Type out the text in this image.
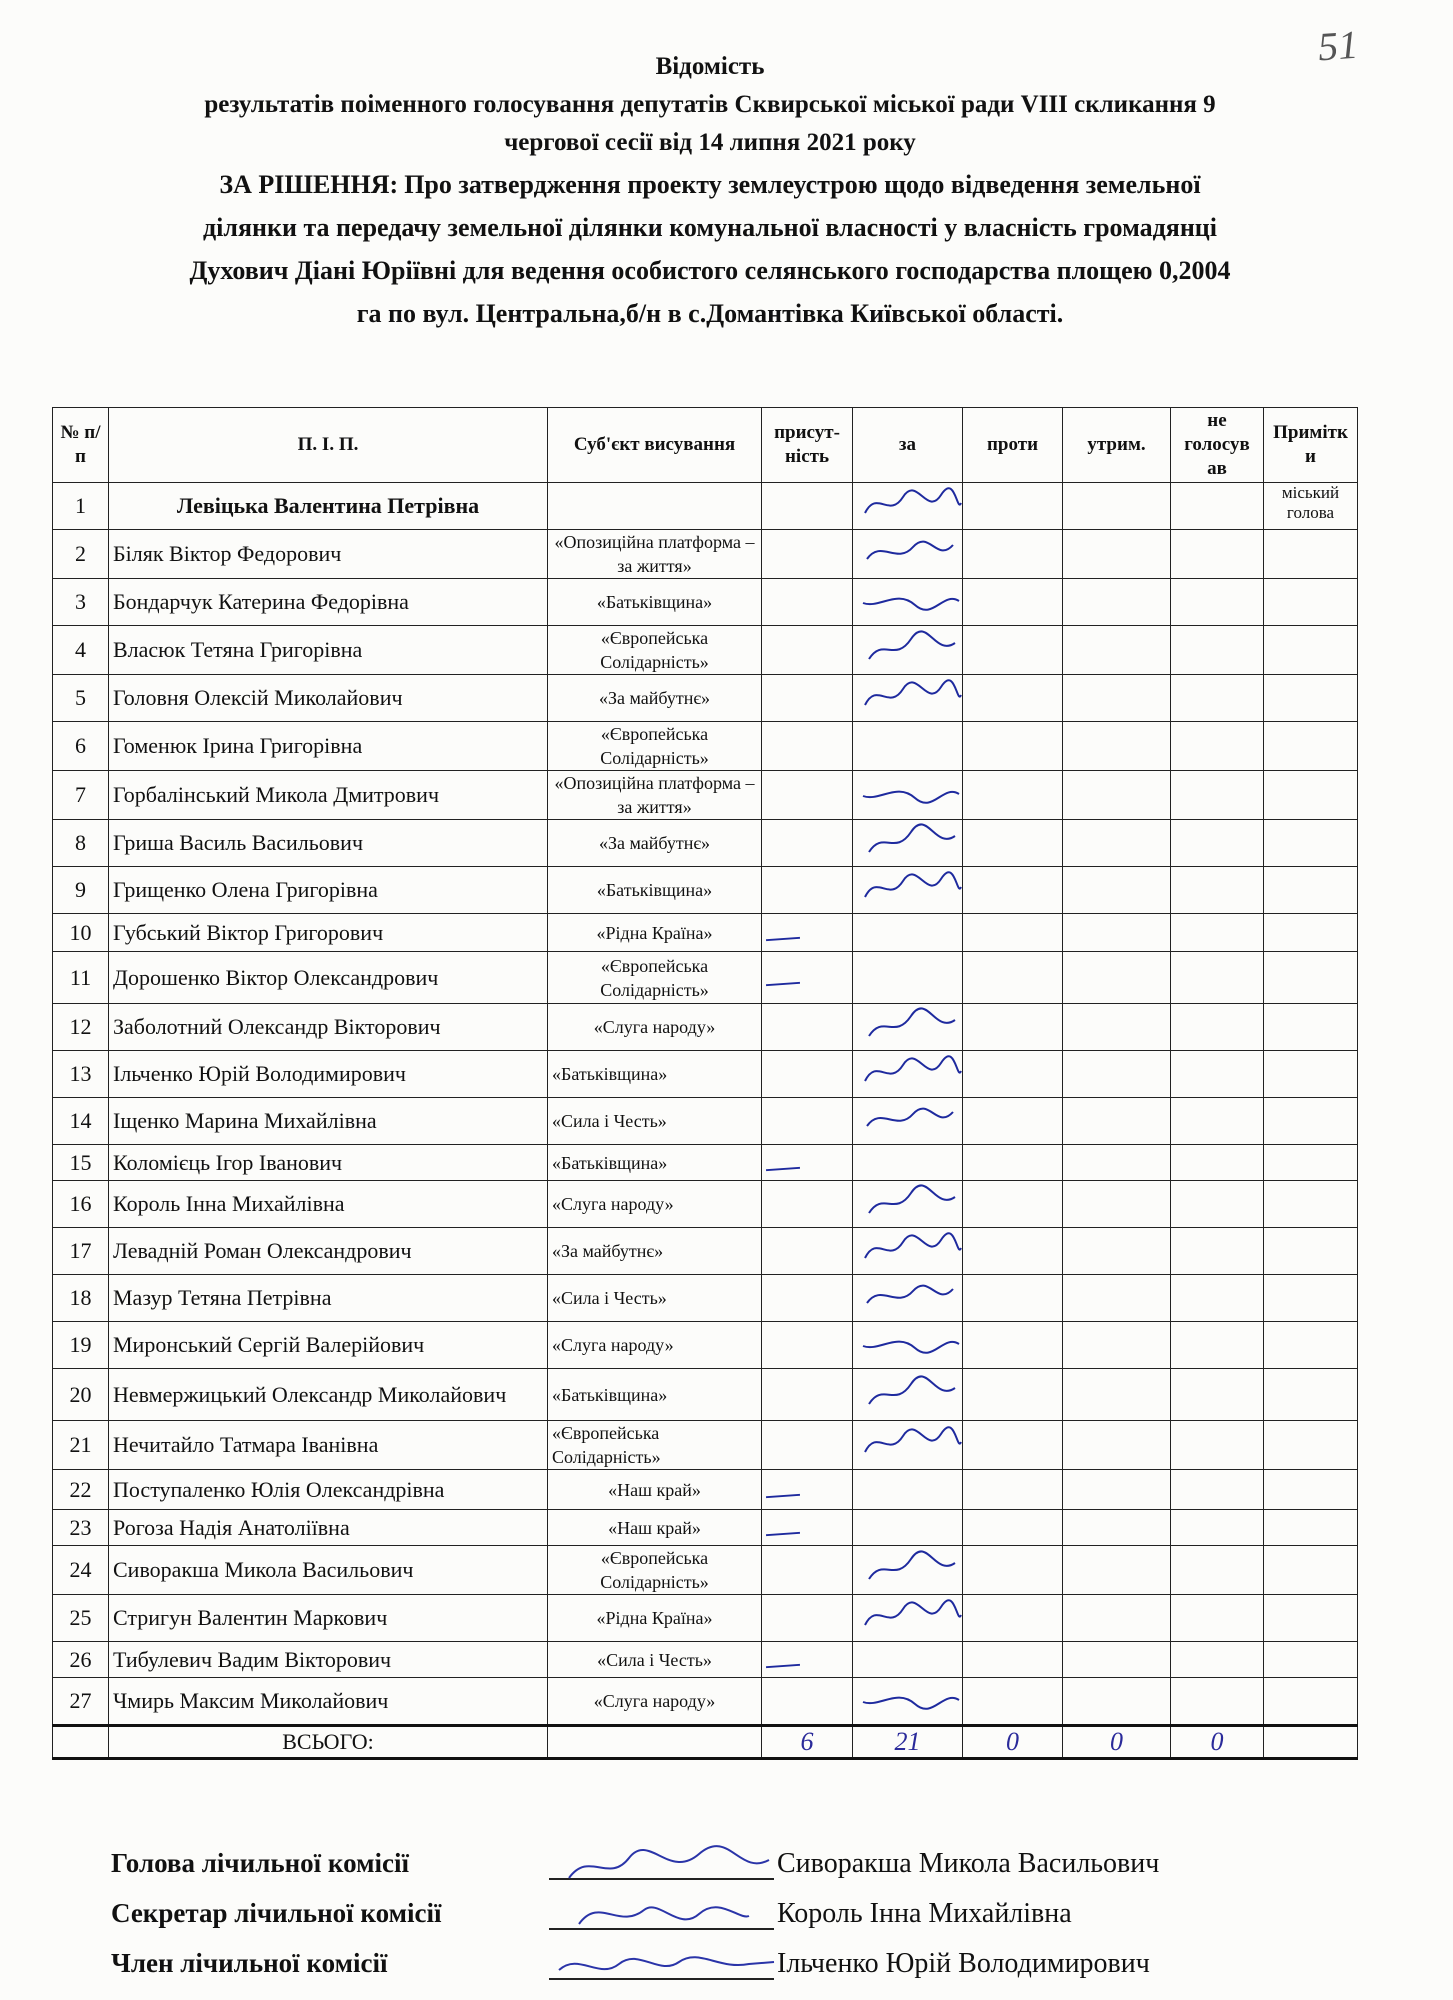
51
Відомість
результатів поіменного голосування депутатів Сквирської міської ради VIII скликання 9
чергової сесії від 14 липня 2021 року
ЗА РІШЕННЯ: Про затвердження проекту землеустрою щодо відведення земельної
ділянки та передачу земельної ділянки комунальної власності у власність громадянці
Духович Діані Юріївні для ведення особистого селянського господарства площею 0,2004
га по вул. Центральна,б/н в с.Домантівка Київської області.
№ п/п	П. І. П.	Суб'єкт висування	присут-ність	за	проти	утрим.	не голосув ав	Примітк и
1	Левіцька Валентина Петрівна							міський голова
2	Біляк Віктор Федорович	«Опозиційна платформа – за життя»						
3	Бондарчук Катерина Федорівна	«Батьківщина»						
4	Власюк Тетяна Григорівна	«Європейська Солідарність»						
5	Головня Олексій Миколайович	«За майбутнє»						
6	Гоменюк Ірина Григорівна	«Європейська Солідарність»						
7	Горбалінський Микола Дмитрович	«Опозиційна платформа – за життя»						
8	Гриша Василь Васильович	«За майбутнє»						
9	Грищенко Олена Григорівна	«Батьківщина»						
10	Губський Віктор Григорович	«Рідна Країна»						
11	Дорошенко Віктор Олександрович	«Європейська Солідарність»						
12	Заболотний Олександр Вікторович	«Слуга народу»						
13	Ільченко Юрій Володимирович	«Батьківщина»						
14	Іщенко Марина Михайлівна	«Сила і Честь»						
15	Коломієць Ігор Іванович	«Батьківщина»						
16	Король Інна Михайлівна	«Слуга народу»						
17	Левадній Роман Олександрович	«За майбутнє»						
18	Мазур Тетяна Петрівна	«Сила і Честь»						
19	Миронський Сергій Валерійович	«Слуга народу»						
20	Невмержицький Олександр Миколайович	«Батьківщина»						
21	Нечитайло Татмара Іванівна	«Європейська Солідарність»						
22	Поступаленко Юлія Олександрівна	«Наш край»						
23	Рогоза Надія Анатоліївна	«Наш край»						
24	Сиворакша Микола Васильович	«Європейська Солідарність»						
25	Стригун Валентин Маркович	«Рідна Країна»						
26	Тибулевич Вадим Вікторович	«Сила і Честь»						
27	Чмирь Максим Миколайович	«Слуга народу»						
	ВСЬОГО:		6	21	0	0	0	
Голова лічильної комісії	Сиворакша Микола Васильович
Секретар лічильної комісії	Король Інна Михайлівна
Член лічильної комісії	Ільченко Юрій Володимирович
